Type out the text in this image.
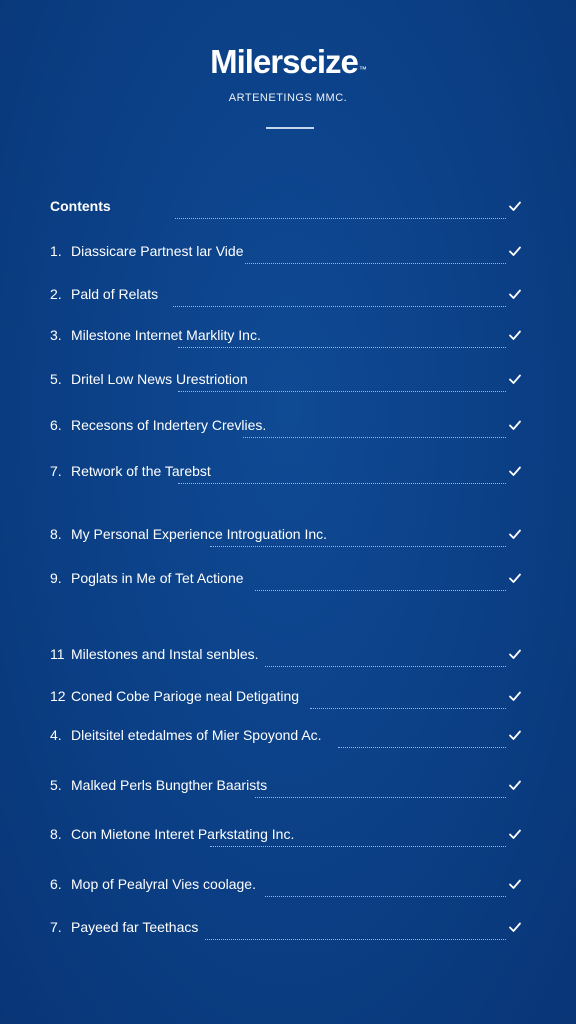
Milerscize™
ARTENETINGS MMC.
Contents
1. Diassicare Partnest lar Vide
2. Pald of Relats
3. Milestone Internet Marklity Inc.
5. Dritel Low News Urestriotion
6. Recesons of Indertery Crevlies.
7. Retwork of the Tarebst
8. My Personal Experience Introguation Inc.
9. Poglats in Me of Tet Actione
11 Milestones and Instal senbles.
12 Coned Cobe Parioge neal Detigating
4. Dleitsitel etedalmes of Mier Spoyond Ac.
5. Malked Perls Bungther Baarists
8. Con Mietone Interet Parkstating Inc.
6. Mop of Pealyral Vies coolage.
7. Payeed far Teethacs
